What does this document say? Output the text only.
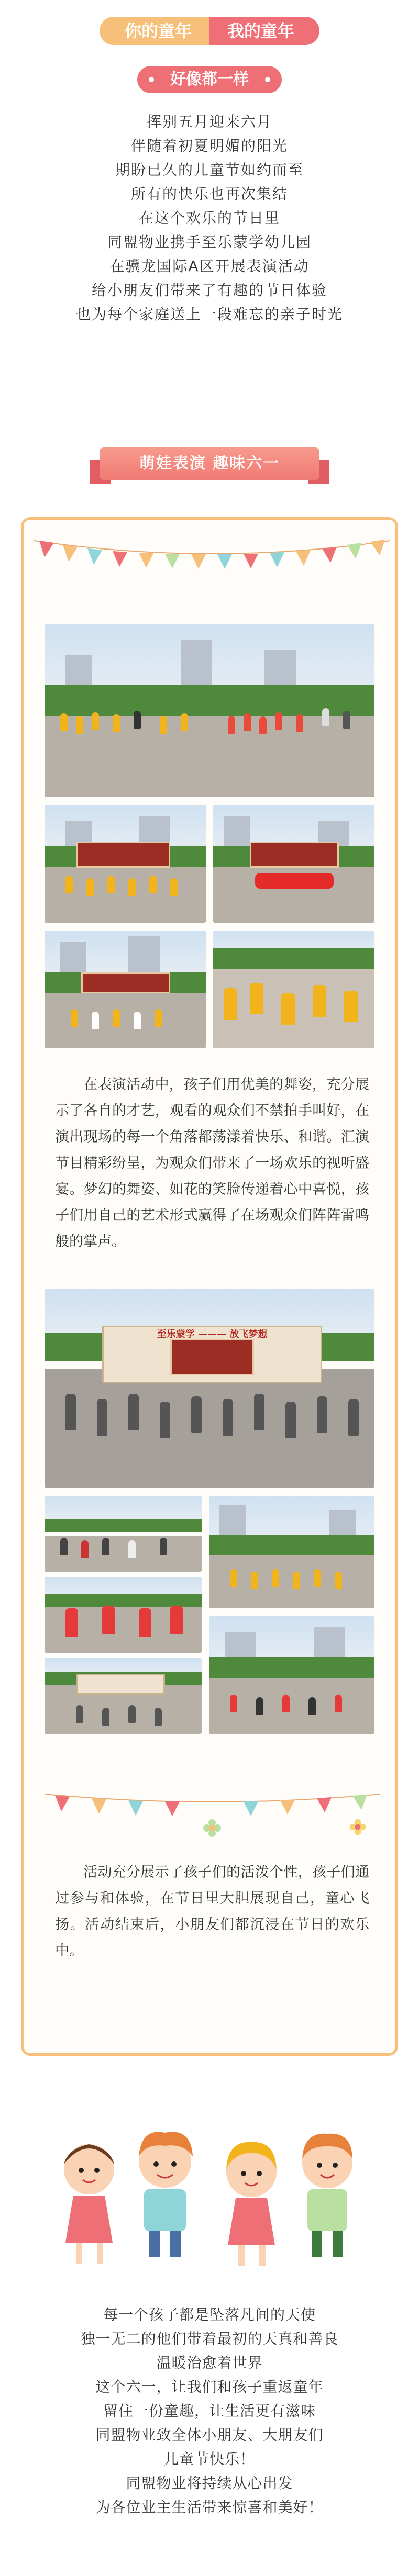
你的童年	我的童年
好像都一样

挥别五月迎来六月

伴随着初夏明媚的阳光

期盼已久的儿童节如约而至

所有的快乐也再次集结

在这个欢乐的节日里

同盟物业携手至乐蒙学幼儿园

在骥龙国际A区开展表演活动

给小朋友们带来了有趣的节日体验

也为每个家庭送上一段难忘的亲子时光

萌娃表演 趣味六一
在表演活动中，孩子们用优美的舞姿，充分展示了各自的才艺，观看的观众们不禁拍手叫好，在演出现场的每一个角落都荡漾着快乐、和谐。汇演节目精彩纷呈，为观众们带来了一场欢乐的视听盛宴。梦幻的舞姿、如花的笑脸传递着心中喜悦，孩子们用自己的艺术形式赢得了在场观众们阵阵雷鸣般的掌声。
至乐蒙学 ——— 放飞梦想
活动充分展示了孩子们的活泼个性，孩子们通过参与和体验，在节日里大胆展现自己，童心飞扬。活动结束后，小朋友们都沉浸在节日的欢乐中。

每一个孩子都是坠落凡间的天使

独一无二的他们带着最初的天真和善良

温暖治愈着世界

这个六一，让我们和孩子重返童年

留住一份童趣，让生活更有滋味

同盟物业致全体小朋友、大朋友们

儿童节快乐！

同盟物业将持续从心出发

为各位业主生活带来惊喜和美好！
